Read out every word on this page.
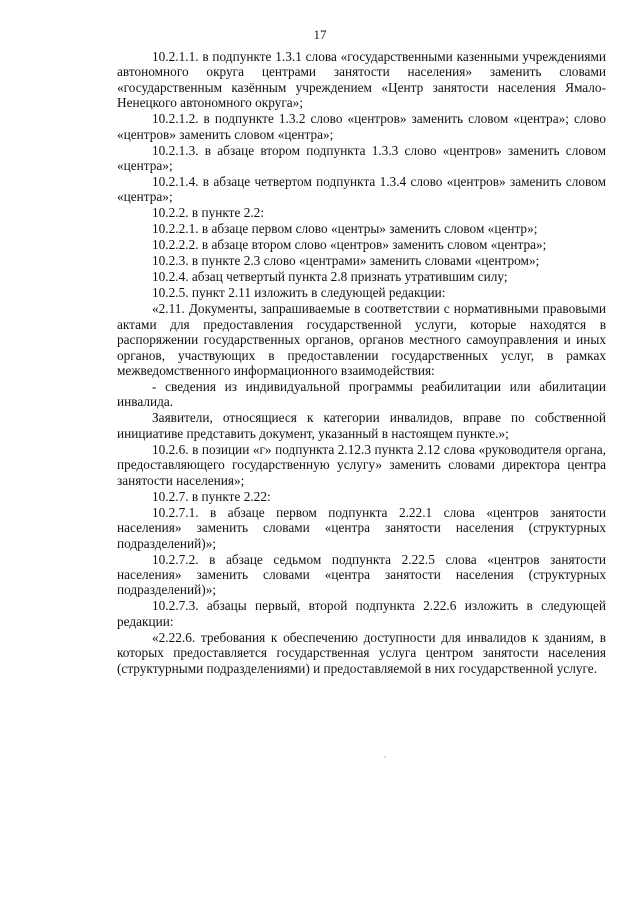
17

10.2.1.1. в подпункте 1.3.1 слова «государственными казенными учреждениями автономного округа центрами занятости населения» заменить словами «государственным казённым учреждением «Центр занятости населения Ямало-Ненецкого автономного округа»;

10.2.1.2. в подпункте 1.3.2 слово «центров» заменить словом «центра»; слово «центров» заменить словом «центра»;

10.2.1.3. в абзаце втором подпункта 1.3.3 слово «центров» заменить словом «центра»;

10.2.1.4. в абзаце четвертом подпункта 1.3.4 слово «центров» заменить словом «центра»;

10.2.2. в пункте 2.2:

10.2.2.1. в абзаце первом слово «центры» заменить словом «центр»;

10.2.2.2. в абзаце втором слово «центров» заменить словом «центра»;

10.2.3. в пункте 2.3 слово «центрами» заменить словами «центром»;

10.2.4. абзац четвертый пункта 2.8 признать утратившим силу;

10.2.5. пункт 2.11 изложить в следующей редакции:

«2.11. Документы, запрашиваемые в соответствии с нормативными правовыми актами для предоставления государственной услуги, которые находятся в распоряжении государственных органов, органов местного самоуправления и иных органов, участвующих в предоставлении государственных услуг, в рамках межведомственного информационного взаимодействия:

- сведения из индивидуальной программы реабилитации или абилитации инвалида.

Заявители, относящиеся к категории инвалидов, вправе по собственной инициативе представить документ, указанный в настоящем пункте.»;

10.2.6. в позиции «г» подпункта 2.12.3 пункта 2.12 слова «руководителя органа, предоставляющего государственную услугу» заменить словами директора центра занятости населения»;

10.2.7. в пункте 2.22:

10.2.7.1. в абзаце первом подпункта 2.22.1 слова «центров занятости населения» заменить словами «центра занятости населения (структурных подразделений)»;

10.2.7.2. в абзаце седьмом подпункта 2.22.5 слова «центров занятости населения» заменить словами «центра занятости населения (структурных подразделений)»;

10.2.7.3. абзацы первый, второй подпункта 2.22.6 изложить в следующей редакции:

«2.22.6. требования к обеспечению доступности для инвалидов к зданиям, в которых предоставляется государственная услуга центром занятости населения (структурными подразделениями) и предоставляемой в них государственной услуге.
